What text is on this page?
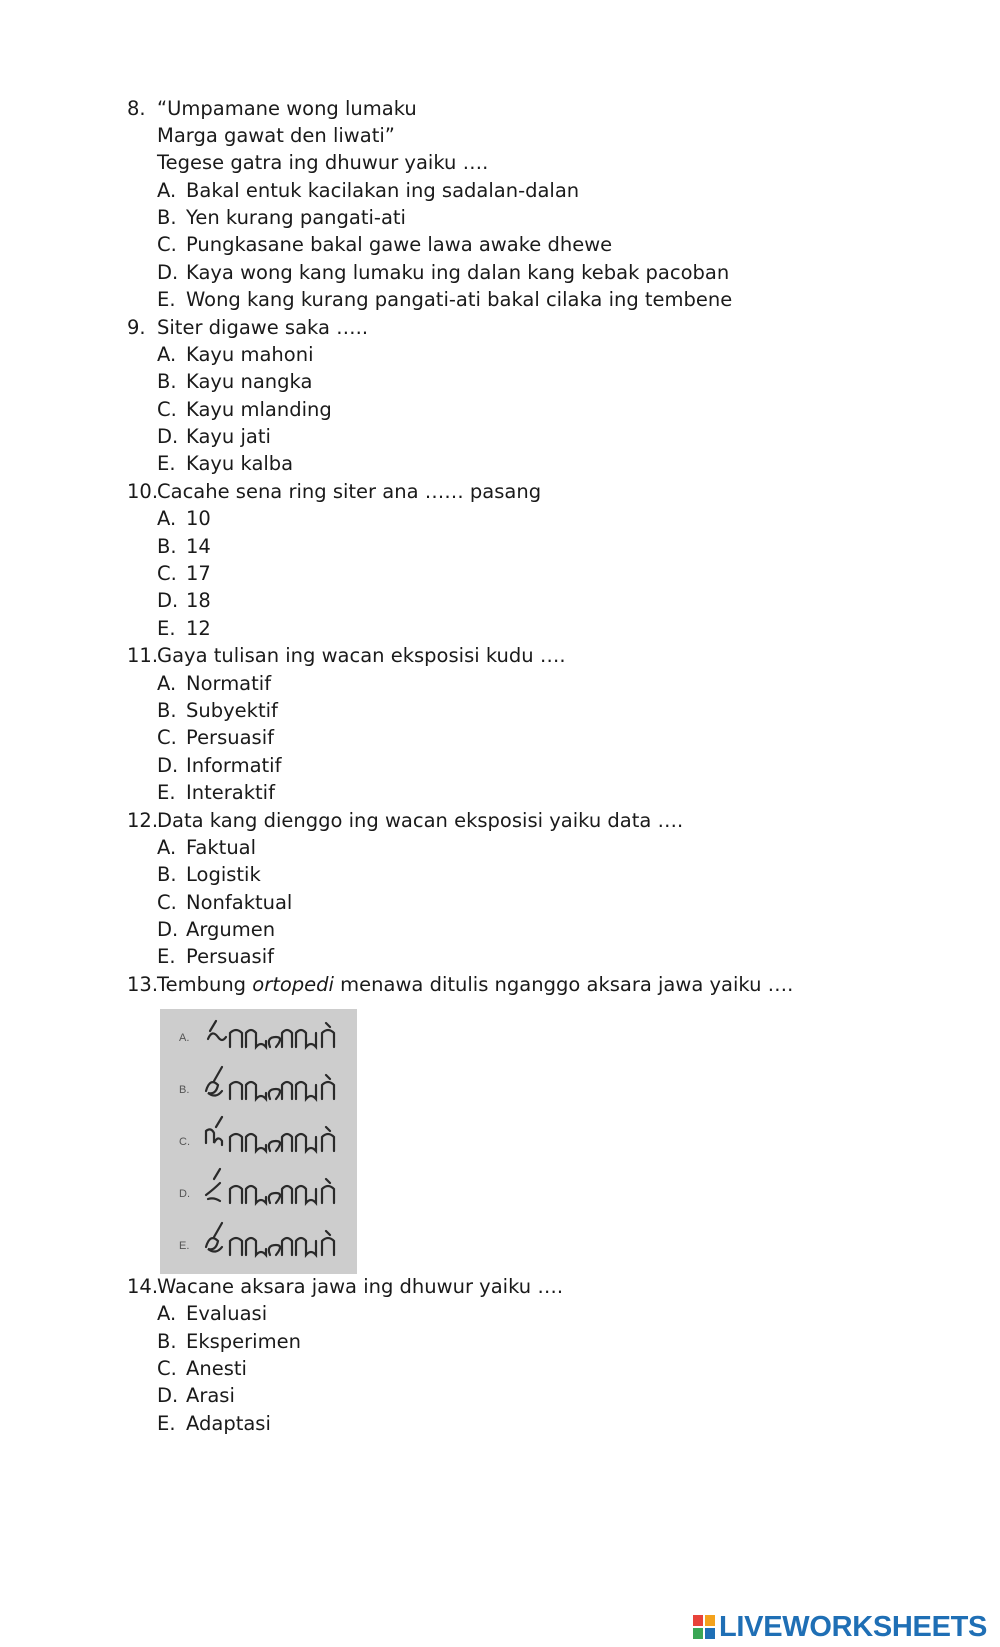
8. “Umpamane wong lumaku
Marga gawat den liwati”
Tegese gatra ing dhuwur yaiku ….
A. Bakal entuk kacilakan ing sadalan-dalan
B. Yen kurang pangati-ati
C. Pungkasane bakal gawe lawa awake dhewe
D. Kaya wong kang lumaku ing dalan kang kebak pacoban
E. Wong kang kurang pangati-ati bakal cilaka ing tembene
9. Siter digawe saka …..
A. Kayu mahoni
B. Kayu nangka
C. Kayu mlanding
D. Kayu jati
E. Kayu kalba
10.
Cacahe sena ring siter ana …… pasang
A. 10
B. 14
C. 17
D. 18
E. 12
11.
Gaya tulisan ing wacan eksposisi kudu ….
A. Normatif
B. Subyektif
C. Persuasif
D. Informatif
E. Interaktif
12.
Data kang dienggo ing wacan eksposisi yaiku data ….
A. Faktual
B. Logistik
C. Nonfaktual
D. Argumen
E. Persuasif
13.
Tembung ortopedi menawa ditulis nganggo aksara jawa yaiku ….
A.
B.
C.
D.
E.
14.
Wacane aksara jawa ing dhuwur yaiku ….
A. Evaluasi
B. Eksperimen
C. Anesti
D. Arasi
E. Adaptasi
LIVEWORKSHEETS
